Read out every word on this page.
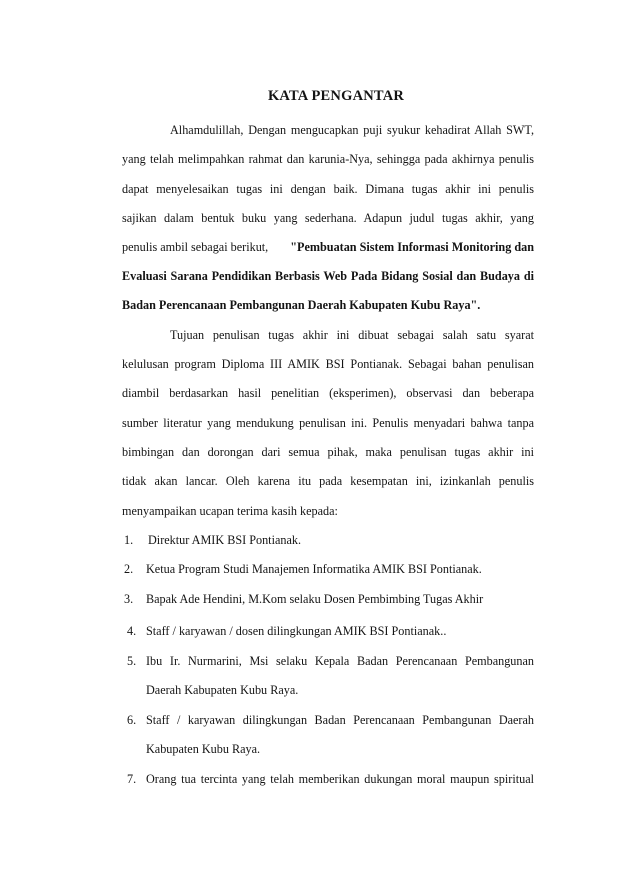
KATA PENGANTAR
Alhamdulillah, Dengan mengucapkan puji syukur kehadirat Allah SWT,
yang telah melimpahkan rahmat dan karunia-Nya, sehingga pada akhirnya penulis
dapat menyelesaikan tugas ini dengan baik. Dimana tugas akhir ini penulis
sajikan dalam bentuk buku yang sederhana. Adapun judul tugas akhir, yang
penulis ambil sebagai berikut, "Pembuatan Sistem Informasi Monitoring dan
Evaluasi Sarana Pendidikan Berbasis Web Pada Bidang Sosial dan Budaya di
Badan Perencanaan Pembangunan Daerah Kabupaten Kubu Raya".
Tujuan penulisan tugas akhir ini dibuat sebagai salah satu syarat
kelulusan program Diploma III AMIK BSI Pontianak. Sebagai bahan penulisan
diambil berdasarkan hasil penelitian (eksperimen), observasi dan beberapa
sumber literatur yang mendukung penulisan ini. Penulis menyadari bahwa tanpa
bimbingan dan dorongan dari semua pihak, maka penulisan tugas akhir ini
tidak akan lancar. Oleh karena itu pada kesempatan ini, izinkanlah penulis
menyampaikan ucapan terima kasih kepada:
1. Direktur AMIK BSI Pontianak.
2. Ketua Program Studi Manajemen Informatika AMIK BSI Pontianak.
3. Bapak Ade Hendini, M.Kom selaku Dosen Pembimbing Tugas Akhir
4. Staff / karyawan / dosen dilingkungan AMIK BSI Pontianak..
5. Ibu Ir. Nurmarini, Msi selaku Kepala Badan Perencanaan Pembangunan
Daerah Kabupaten Kubu Raya.
6. Staff / karyawan dilingkungan Badan Perencanaan Pembangunan Daerah
Kabupaten Kubu Raya.
7. Orang tua tercinta yang telah memberikan dukungan moral maupun spiritual
